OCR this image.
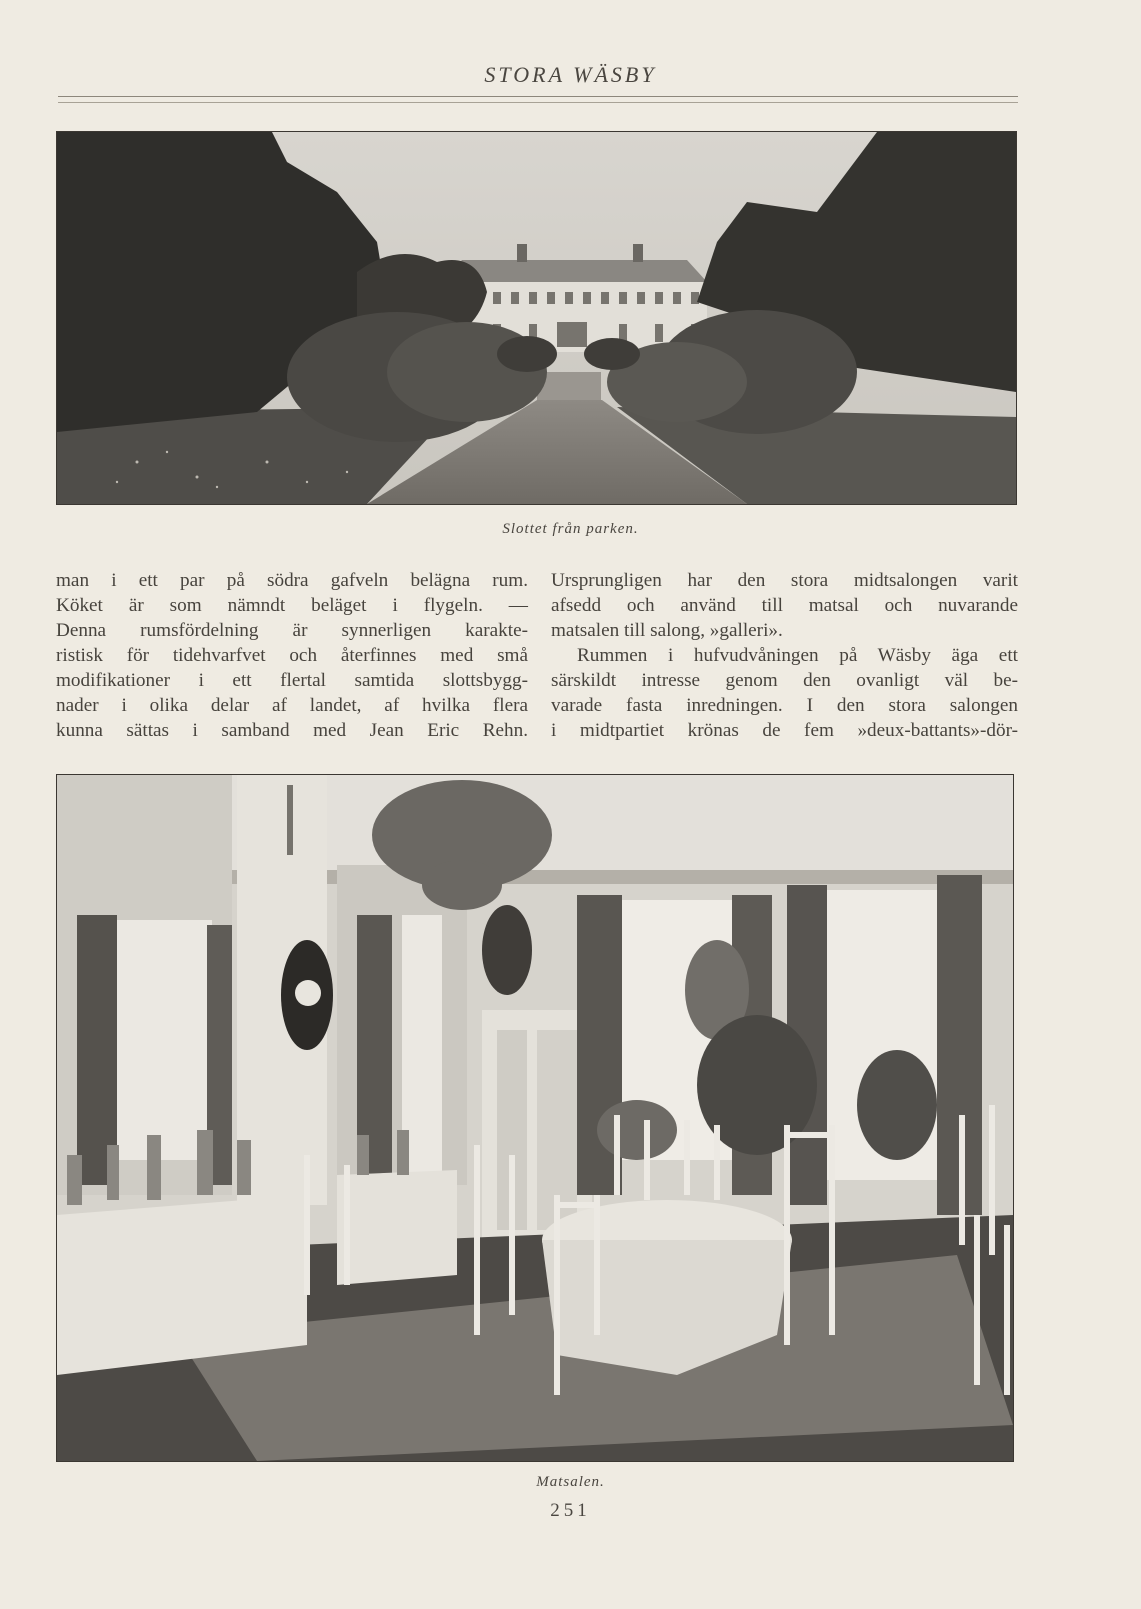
STORA WÄSBY
Slottet från parken.
man i ett par på södra gafveln belägna rum.
Köket är som nämndt beläget i flygeln. —
Denna rumsfördelning är synnerligen karakte-
ristisk för tidehvarfvet och återfinnes med små
modifikationer i ett flertal samtida slottsbygg-
nader i olika delar af landet, af hvilka flera
kunna sättas i samband med Jean Eric Rehn.
Ursprungligen har den stora midtsalongen varit
afsedd och använd till matsal och nuvarande
matsalen till salong, »galleri».
Rummen i hufvudvåningen på Wäsby äga ett
särskildt intresse genom den ovanligt väl be-
varade fasta inredningen. I den stora salongen
i midtpartiet krönas de fem »deux-battants»-dör-
Matsalen.
251
